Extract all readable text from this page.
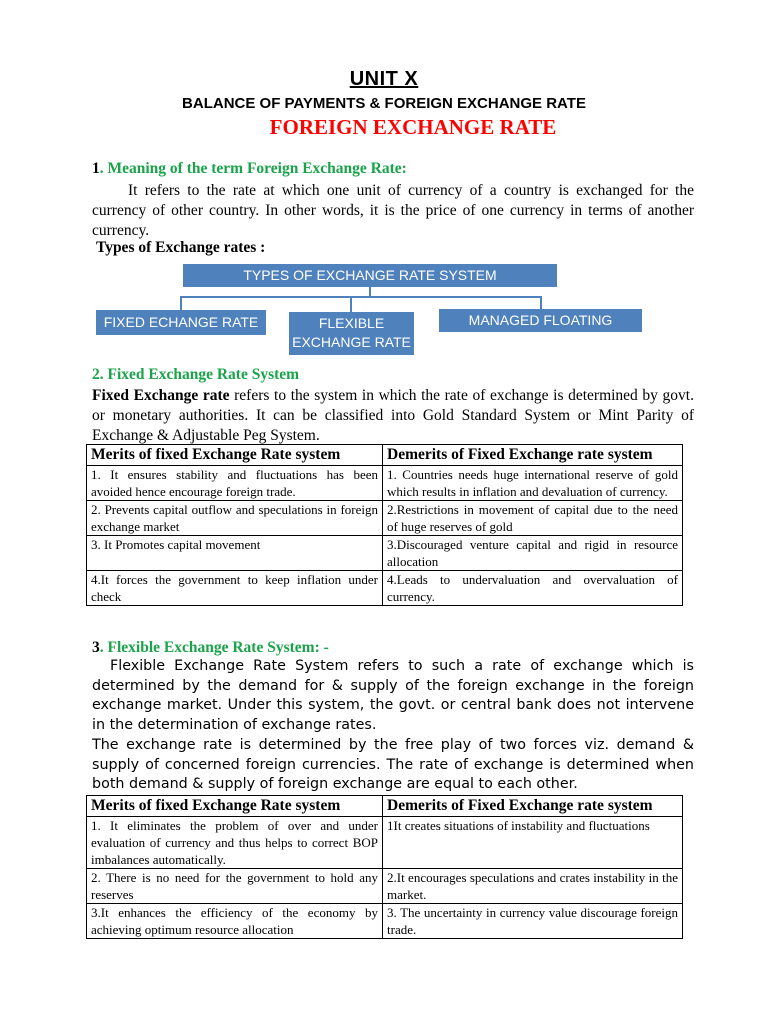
UNIT X
BALANCE OF PAYMENTS & FOREIGN EXCHANGE RATE
FOREIGN EXCHANGE RATE
1. Meaning of the term Foreign Exchange Rate:
It refers to the rate at which one unit of currency of a country is exchanged for the currency of other country. In other words, it is the price of one currency in terms of another currency.
Types of Exchange rates :
TYPES OF EXCHANGE RATE SYSTEM
FIXED ECHANGE RATE	FLEXIBLE EXCHANGE RATE
MANAGED FLOATING
2. Fixed Exchange Rate System
Fixed Exchange rate refers to the system in which the rate of exchange is determined by govt. or monetary authorities. It can be classified into Gold Standard System or Mint Parity of Exchange & Adjustable Peg System.
Merits of fixed Exchange Rate system	Demerits of Fixed Exchange rate system
1. It ensures stability and fluctuations has been avoided hence encourage foreign trade.	1. Countries needs huge international reserve of gold which results in inflation and devaluation of currency.
2. Prevents capital outflow and speculations in foreign exchange market	2.Restrictions in movement of capital due to the need of huge reserves of gold
3. It Promotes capital movement	3.Discouraged venture capital and rigid in resource allocation
4.It forces the government to keep inflation under check	4.Leads to undervaluation and overvaluation of currency.
3. Flexible Exchange Rate System: -
Flexible Exchange Rate System refers to such a rate of exchange which is determined by the demand for & supply of the foreign exchange in the foreign exchange market. Under this system, the govt. or central bank does not intervene in the determination of exchange rates.
The exchange rate is determined by the free play of two forces viz. demand & supply of concerned foreign currencies. The rate of exchange is determined when both demand & supply of foreign exchange are equal to each other.
Merits of fixed Exchange Rate system	Demerits of Fixed Exchange rate system
1. It eliminates the problem of over and under evaluation of currency and thus helps to correct BOP imbalances automatically.	1It creates situations of instability and fluctuations
2. There is no need for the government to hold any reserves	2.It encourages speculations and crates instability in the market.
3.It enhances the efficiency of the economy by achieving optimum resource allocation	3. The uncertainty in currency value discourage foreign trade.
